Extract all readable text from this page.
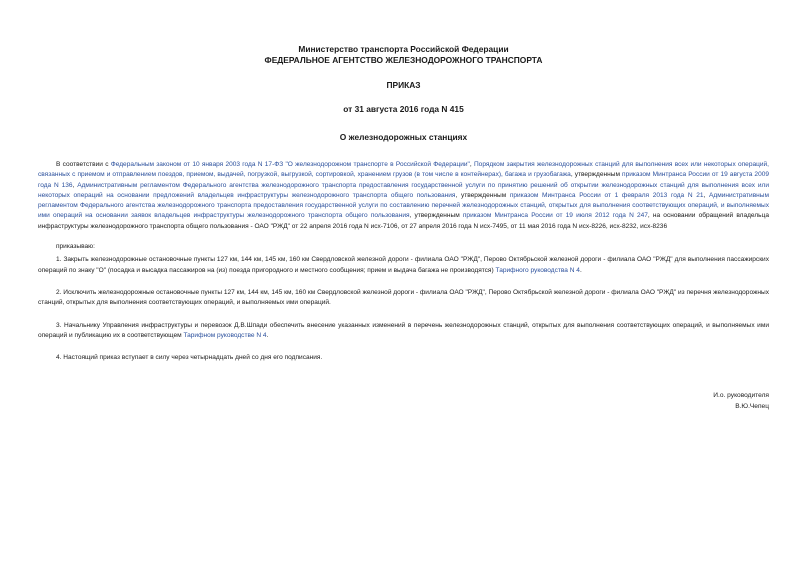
Министерство транспорта Российской Федерации
ФЕДЕРАЛЬНОЕ АГЕНТСТВО ЖЕЛЕЗНОДОРОЖНОГО ТРАНСПОРТА
ПРИКАЗ
от 31 августа 2016 года N 415
О железнодорожных станциях

В соответствии с Федеральным законом от 10 января 2003 года N 17-ФЗ "О железнодорожном транспорте в Российской Федерации", Порядком закрытия железнодорожных станций для выполнения всех или некоторых операций, связанных с приемом и отправлением поездов, приемом, выдачей, погрузкой, выгрузкой, сортировкой, хранением грузов (в том числе в контейнерах), багажа и грузобагажа, утвержденным приказом Минтранса России от 19 августа 2009 года N 136, Административным регламентом Федерального агентства железнодорожного транспорта предоставления государственной услуги по принятию решений об открытии железнодорожных станций для выполнения всех или некоторых операций на основании предложений владельцев инфраструктуры железнодорожного транспорта общего пользования, утвержденным приказом Минтранса России от 1 февраля 2013 года N 21, Административным регламентом Федерального агентства железнодорожного транспорта предоставления государственной услуги по составлению перечней железнодорожных станций, открытых для выполнения соответствующих операций, и выполняемых ими операций на основании заявок владельцев инфраструктуры железнодорожного транспорта общего пользования, утвержденным приказом Минтранса России от 19 июля 2012 года N 247, на основании обращений владельца инфраструктуры железнодорожного транспорта общего пользования - ОАО "РЖД" от 22 апреля 2016 года N исх-7106, от 27 апреля 2016 года N исх-7495, от 11 мая 2016 года N исх-8226, исх-8232, исх-8236

приказываю:

1. Закрыть железнодорожные остановочные пункты 127 км, 144 км, 145 км, 160 км Свердловской железной дороги - филиала ОАО "РЖД", Перово Октябрьской железной дороги - филиала ОАО "РЖД" для выполнения пассажирских операций по знаку "О" (посадка и высадка пассажиров на (из) поезда пригородного и местного сообщения; прием и выдача багажа не производятся) Тарифного руководства N 4.

2. Исключить железнодорожные остановочные пункты 127 км, 144 км, 145 км, 160 км Свердловской железной дороги - филиала ОАО "РЖД", Перово Октябрьской железной дороги - филиала ОАО "РЖД" из перечня железнодорожных станций, открытых для выполнения соответствующих операций, и выполняемых ими операций.

3. Начальнику Управления инфраструктуры и перевозок Д.В.Шпади обеспечить внесение указанных изменений в перечень железнодорожных станций, открытых для выполнения соответствующих операций, и выполняемых ими операций и публикацию их в соответствующем Тарифном руководстве N 4.

4. Настоящий приказ вступает в силу через четырнадцать дней со дня его подписания.

И.о. руководителя
В.Ю.Чепец
